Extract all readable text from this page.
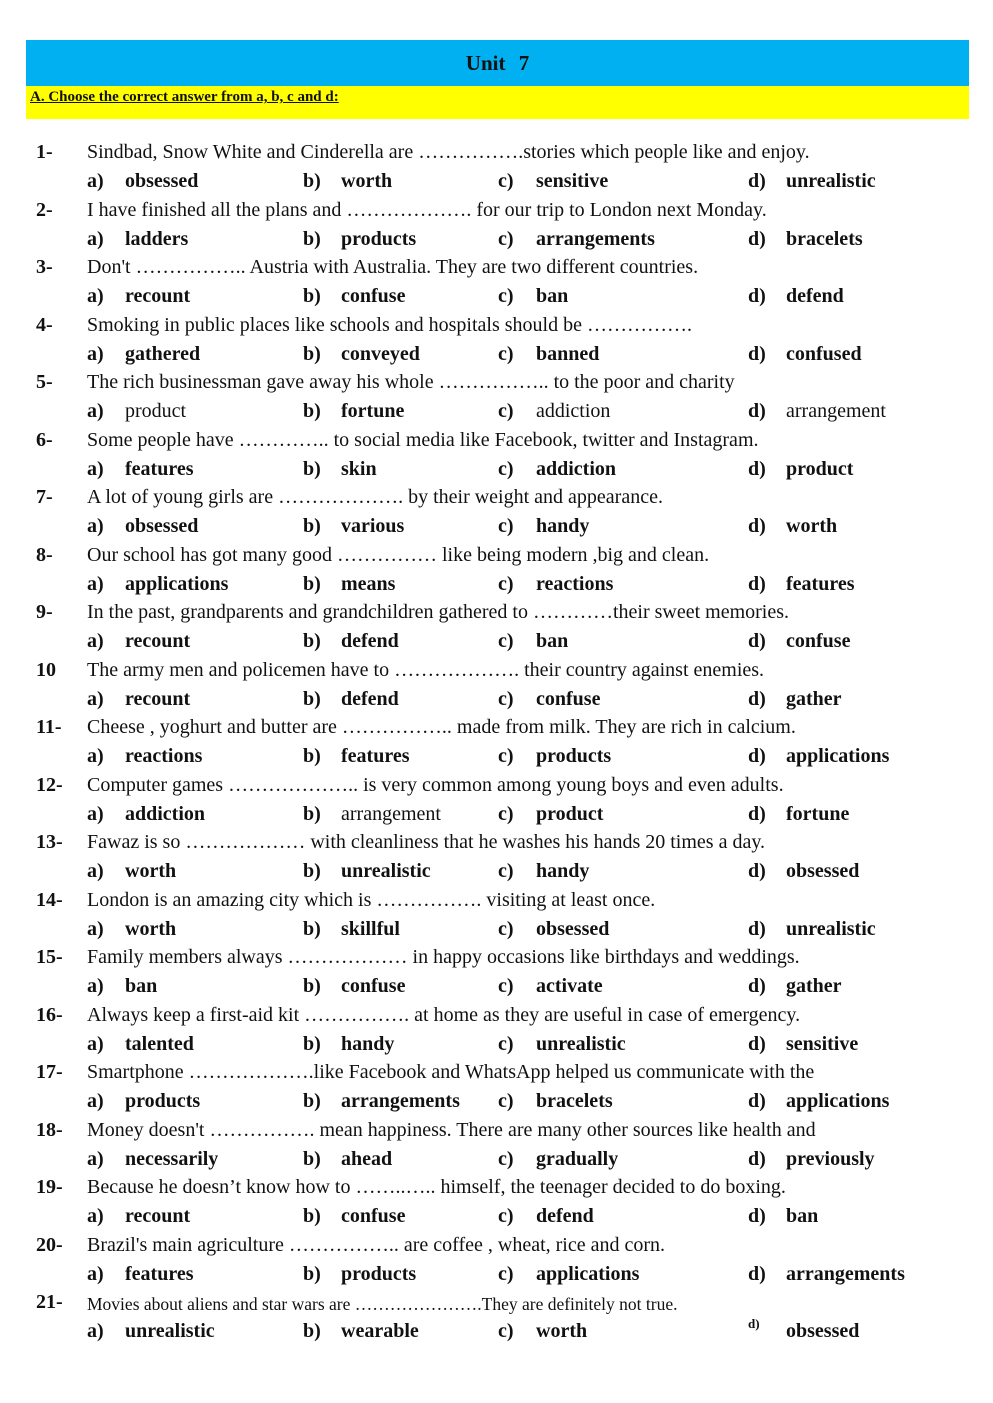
Unit 7
A. Choose the correct answer from a, b, c and d:
1- Sindbad, Snow White and Cinderella are …………….stories which people like and enjoy.
a) obsessed	b) worth	c) sensitive	d) unrealistic
2- I have finished all the plans and ………………. for our trip to London next Monday.
a) ladders	b) products	c) arrangements	d) bracelets
3- Don't …………….. Austria with Australia. They are two different countries.
a) recount	b) confuse	c) ban	d) defend
4- Smoking in public places like schools and hospitals should be …………….
a) gathered	b) conveyed	c) banned	d) confused
5- The rich businessman gave away his whole …………….. to the poor and charity
a) product	b) fortune	c) addiction	d) arrangement
6- Some people have ………….. to social media like Facebook, twitter and Instagram.
a) features	b) skin	c) addiction	d) product
7- A lot of young girls are ………………. by their weight and appearance.
a) obsessed	b) various	c) handy	d) worth
8- Our school has got many good …………… like being modern ,big and clean.
a) applications	b) means	c) reactions	d) features
9- In the past, grandparents and grandchildren gathered to …………their sweet memories.
a) recount	b) defend	c) ban	d) confuse
10 The army men and policemen have to ………………. their country against enemies.
a) recount	b) defend	c) confuse	d) gather
11- Cheese , yoghurt and butter are …………….. made from milk. They are rich in calcium.
a) reactions	b) features	c) products	d) applications
12- Computer games ……………….. is very common among young boys and even adults.
a) addiction	b) arrangement	c) product	d) fortune
13- Fawaz is so ……………… with cleanliness that he washes his hands 20 times a day.
a) worth	b) unrealistic	c) handy	d) obsessed
14- London is an amazing city which is ……………. visiting at least once.
a) worth	b) skillful	c) obsessed	d) unrealistic
15- Family members always ……………… in happy occasions like birthdays and weddings.
a) ban	b) confuse	c) activate	d) gather
16- Always keep a first-aid kit ……………. at home as they are useful in case of emergency.
a) talented	b) handy	c) unrealistic	d) sensitive
17- Smartphone ……………….like Facebook and WhatsApp helped us communicate with the
a) products	b) arrangements c) bracelets	d) applications
18- Money doesn't ……………. mean happiness. There are many other sources like health and
a) necessarily	b) ahead	c) gradually	d) previously
19- Because he doesn’t know how to ……..….. himself, the teenager decided to do boxing.
a) recount	b) confuse	c) defend	d) ban
20- Brazil's main agriculture …………….. are coffee , wheat, rice and corn.
a) features	b) products	c) applications	d) arrangements
21- Movies about aliens and star wars are ………………….They are definitely not true.
a) unrealistic	b) wearable	c) worth	d) obsessed
